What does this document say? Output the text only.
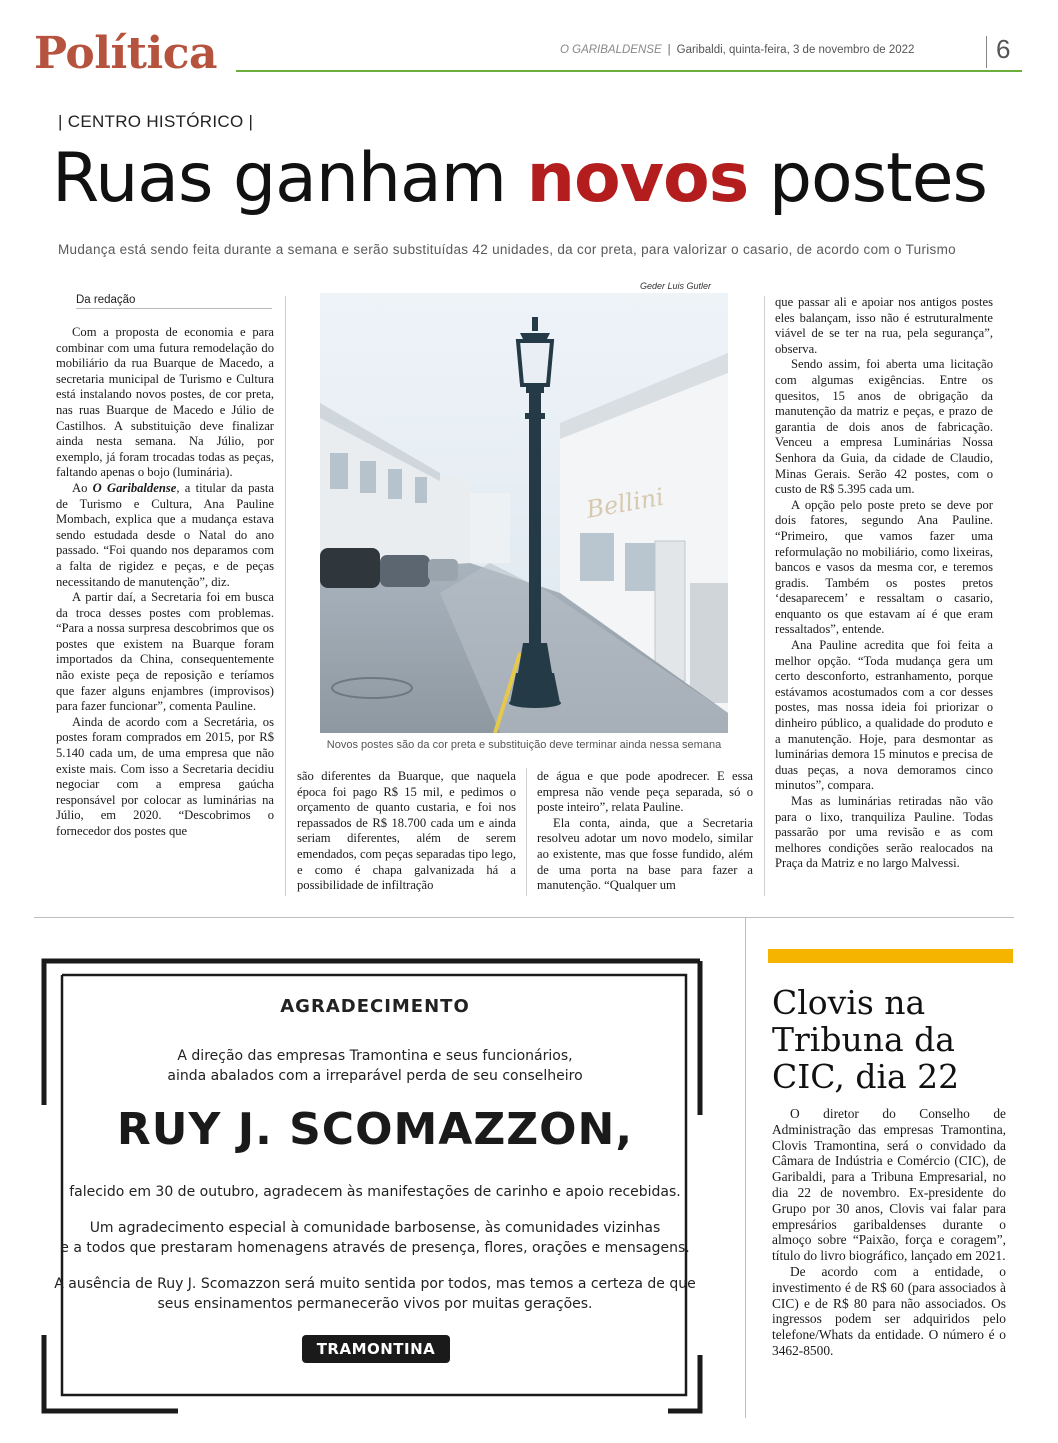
Política	O GARIBALDENSE | Garibaldi, quinta-feira, 3 de novembro de 2022	6
| CENTRO HISTÓRICO |
Ruas ganham novos postes
Mudança está sendo feita durante a semana e serão substituídas 42 unidades, da cor preta, para valorizar o casario, de acordo com o Turismo
Da redação

Com a proposta de economia e para combinar com uma futura remodelação do mobiliário da rua Buarque de Macedo, a secretaria municipal de Turismo e Cultura está instalando novos postes, de cor preta, nas ruas Buarque de Macedo e Júlio de Castilhos. A substituição deve finalizar ainda nesta semana. Na Júlio, por exemplo, já foram trocadas todas as peças, faltando apenas o bojo (luminária).

Ao O Garibaldense, a titular da pasta de Turismo e Cultura, Ana Pauline Mombach, explica que a mudança estava sendo estudada desde o Natal do ano passado. “Foi quando nos deparamos com a falta de rigidez e peças, e de peças necessitando de manutenção”, diz.

A partir daí, a Secretaria foi em busca da troca desses postes com problemas. “Para a nossa surpresa descobrimos que os postes que existem na Buarque foram importados da China, consequentemente não existe peça de reposição e teríamos que fazer alguns enjambres (improvisos) para fazer funcionar”, comenta Pauline.

Ainda de acordo com a Secretária, os postes foram comprados em 2015, por R$ 5.140 cada um, de uma empresa que não existe mais. Com isso a Secretaria decidiu negociar com a empresa gaúcha responsável por colocar as luminárias na Júlio, em 2020. “Descobrimos o fornecedor dos postes que

Geder Luis Gutler
Bellini
Novos postes são da cor preta e substituição deve terminar ainda nessa semana

são diferentes da Buarque, que naquela época foi pago R$ 15 mil, e pedimos o orçamento de quanto custaria, e foi nos repassados de R$ 18.700 cada um e ainda seriam diferentes, além de serem emendados, com peças separadas tipo lego, e como é chapa galvanizada há a possibilidade de infiltração

de água e que pode apodrecer. E essa empresa não vende peça separada, só o poste inteiro”, relata Pauline.

Ela conta, ainda, que a Secretaria resolveu adotar um novo modelo, similar ao existente, mas que fosse fundido, além de uma porta na base para fazer a manutenção. “Qualquer um

que passar ali e apoiar nos antigos postes eles balançam, isso não é estruturalmente viável de se ter na rua, pela segurança”, observa.

Sendo assim, foi aberta uma licitação com algumas exigências. Entre os quesitos, 15 anos de obrigação da manutenção da matriz e peças, e prazo de garantia de dois anos de fabricação. Venceu a empresa Luminárias Nossa Senhora da Guia, da cidade de Claudio, Minas Gerais. Serão 42 postes, com o custo de R$ 5.395 cada um.

A opção pelo poste preto se deve por dois fatores, segundo Ana Pauline. “Primeiro, que vamos fazer uma reformulação no mobiliário, como lixeiras, bancos e vasos da mesma cor, e teremos gradis. Também os postes pretos ‘desaparecem’ e ressaltam o casario, enquanto os que estavam aí é que eram ressaltados”, entende.

Ana Pauline acredita que foi feita a melhor opção. “Toda mudança gera um certo desconforto, estranhamento, porque estávamos acostumados com a cor desses postes, mas nossa ideia foi priorizar o dinheiro público, a qualidade do produto e a manutenção. Hoje, para desmontar as luminárias demora 15 minutos e precisa de duas peças, a nova demoramos cinco minutos”, compara.

Mas as luminárias retiradas não vão para o lixo, tranquiliza Pauline. Todas passarão por uma revisão e as com melhores condições serão realocados na Praça da Matriz e no largo Malvessi.

AGRADECIMENTO
A direção das empresas Tramontina e seus funcionários,
ainda abalados com a irreparável perda de seu conselheiro
RUY J. SCOMAZZON,
falecido em 30 de outubro, agradecem às manifestações de carinho e apoio recebidas.
Um agradecimento especial à comunidade barbosense, às comunidades vizinhas
e a todos que prestaram homenagens através de presença, flores, orações e mensagens.
A ausência de Ruy J. Scomazzon será muito sentida por todos, mas temos a certeza de que
seus ensinamentos permanecerão vivos por muitas gerações.
TRAMONTINA
Clovis na Tribuna da CIC, dia 22

O diretor do Conselho de Administração das empresas Tramontina, Clovis Tramontina, será o convidado da Câmara de Indústria e Comércio (CIC), de Garibaldi, para a Tribuna Empresarial, no dia 22 de novembro. Ex-presidente do Grupo por 30 anos, Clovis vai falar para empresários garibaldenses durante o almoço sobre “Paixão, força e coragem”, título do livro biográfico, lançado em 2021.

De acordo com a entidade, o investimento é de R$ 60 (para associados à CIC) e de R$ 80 para não associados. Os ingressos podem ser adquiridos pelo telefone/Whats da entidade. O número é o 3462-8500.
